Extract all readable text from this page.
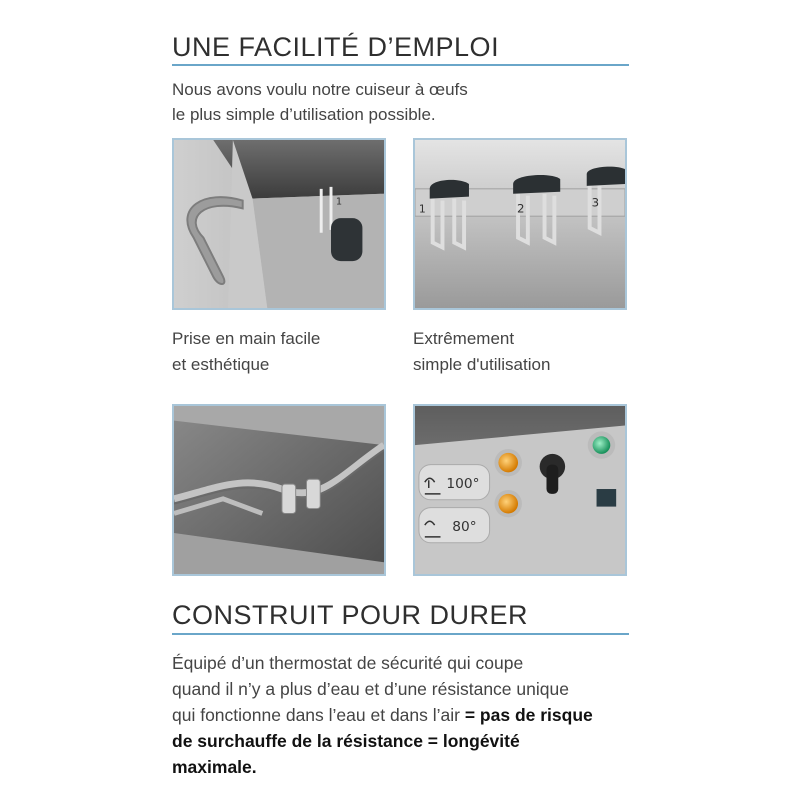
UNE FACILITÉ D’EMPLOI

Nous avons voulu notre cuiseur à œufs
le plus simple d’utilisation possible.

1
1	2	3

Prise en main facile
et esthétique

Extrêmement
simple d'utilisation

100°
80°
CONSTRUIT POUR DURER

Équipé d’un thermostat de sécurité qui coupe
quand il n’y a plus d’eau et d’une résistance unique
qui fonctionne dans l’eau et dans l’air = pas de risque
de surchauffe de la résistance = longévité
maximale.
